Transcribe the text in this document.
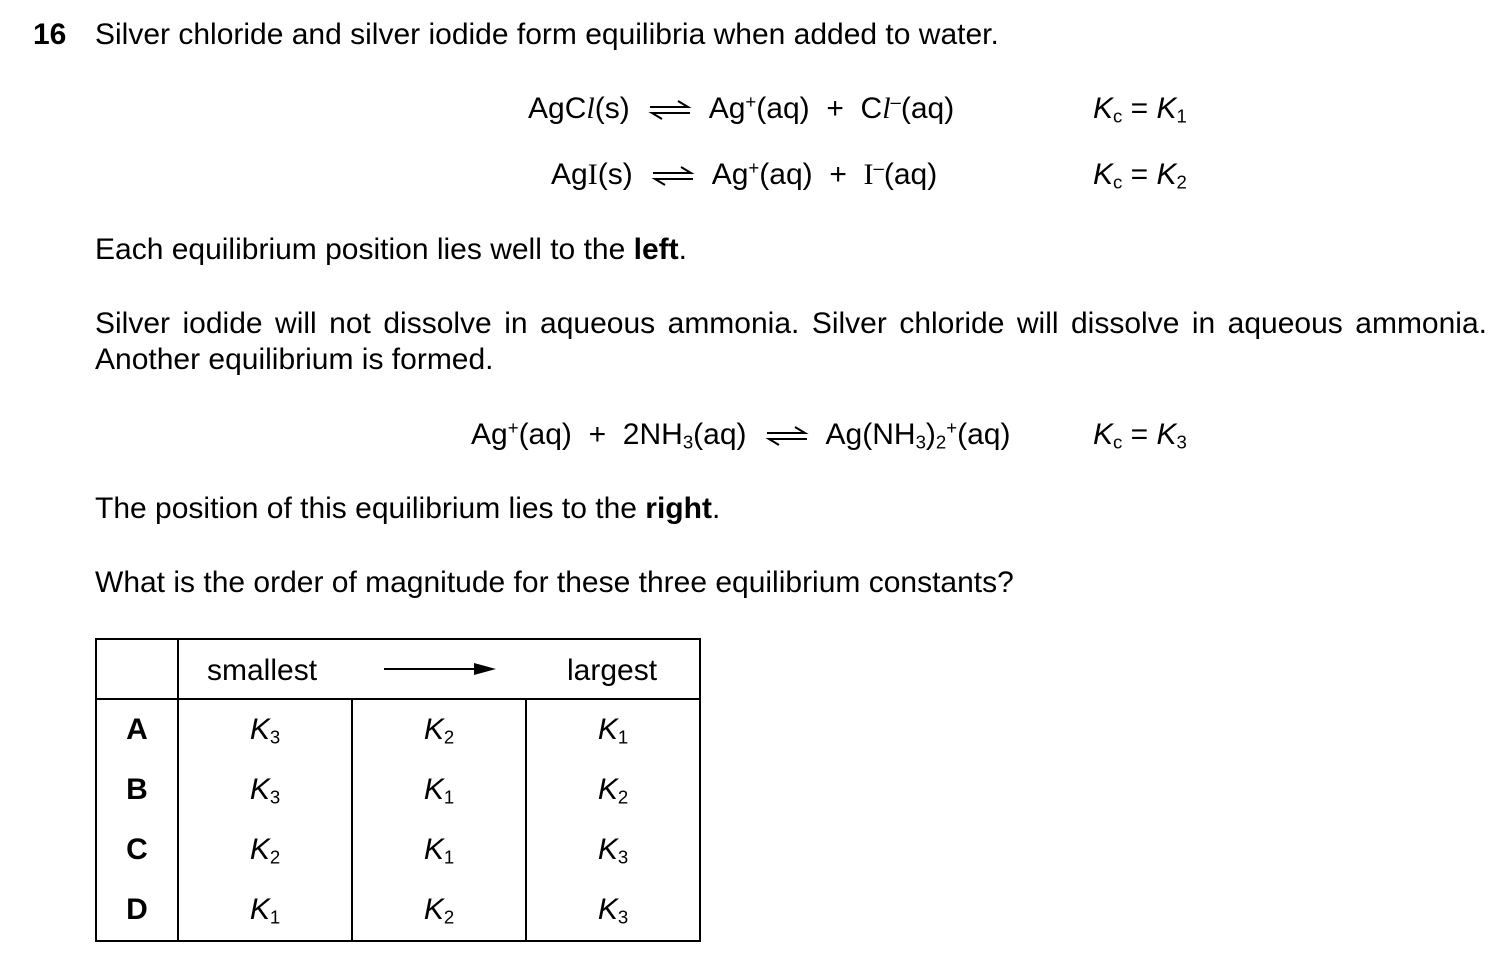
16 Silver chloride and silver iodide form equilibria when added to water.
AgCl(s) ⇌ Ag+(aq) + Cl–(aq)	$K_c = K_1$
AgI(s) ⇌ Ag+(aq) + I–(aq)	$K_c = K_2$
Each equilibrium position lies well to the left.
Silver iodide will not dissolve in aqueous ammonia. Silver chloride will dissolve in aqueous ammonia. Another equilibrium is formed.
$Ag^+(aq) + 2NH_3(aq)$ ⇌ $Ag(NH_3)_2^+(aq)$	$K_c = K_3$
The position of this equilibrium lies to the right.
What is the order of magnitude for these three equilibrium constants?

	smallest largest		

A	$K_3$	$K_2$	$K_1$
B	$K_3$	$K_1$	$K_2$
C	$K_2$	$K_1$	$K_3$
D	$K_1$	$K_2$	$K_3$
